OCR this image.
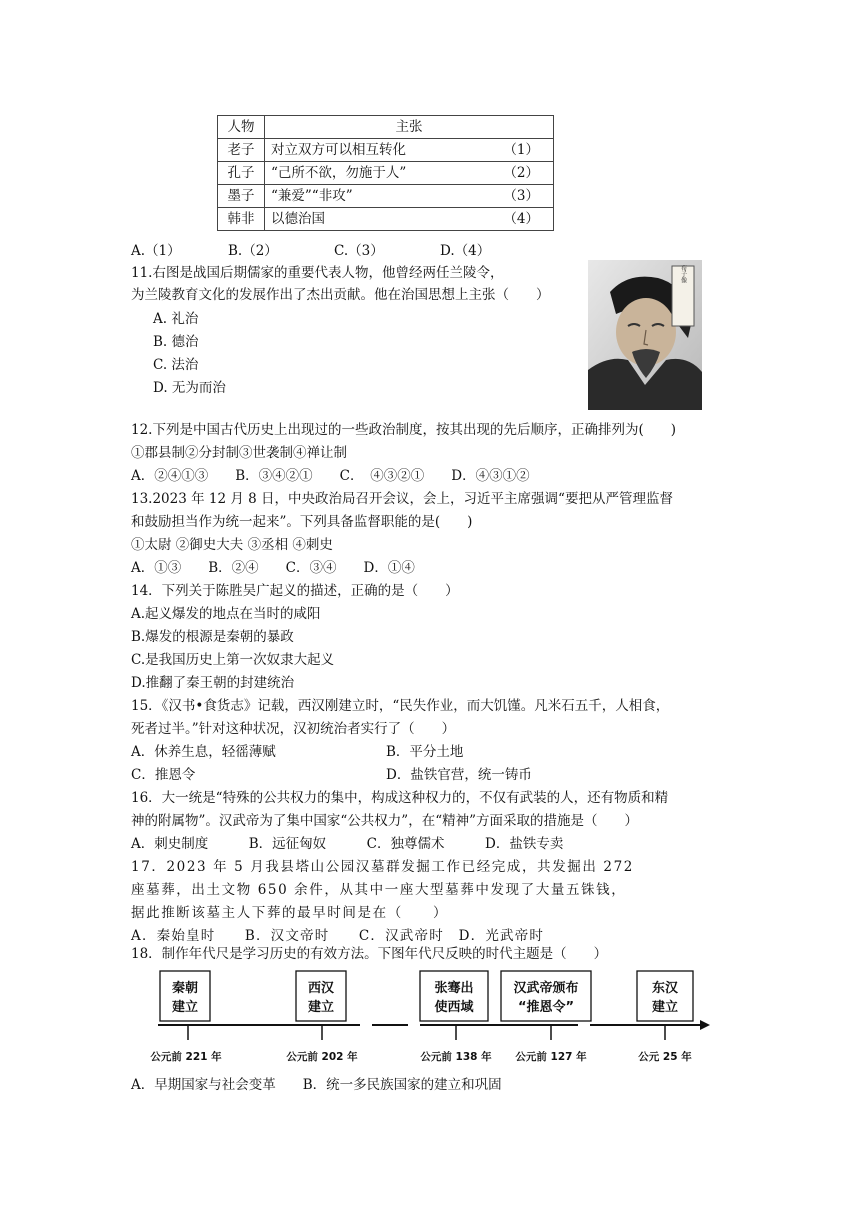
人物	主张
老子	对立双方可以相互转化 （1）

孔子	“己所不欲，勿施于人” （2）

墨子	“兼爱”“非攻” （3）

韩非	以德治国 （4）
A.（1）	B.（2）	C.（3）	D.（4）
11.右图是战国后期儒家的重要代表人物，他曾经两任兰陵令，
为兰陵教育文化的发展作出了杰出贡献。他在治国思想上主张（　　）
A. 礼治
B. 德治
C. 法治
D. 无为而治
荀子像
12.下列是中国古代历史上出现过的一些政治制度，按其出现的先后顺序，正确排列为(　　)
①郡县制②分封制③世袭制④禅让制
A．②④①③　　B．③④②①　　C．　④③②①　　D．④③①②
13.2023 年 12 月 8 日，中央政治局召开会议，会上，习近平主席强调“要把从严管理监督
和鼓励担当作为统一起来”。下列具备监督职能的是(　　)
①太尉 ②御史大夫 ③丞相 ④刺史
A．①③　　B．②④　　C．③④　　D．①④
14．下列关于陈胜吴广起义的描述，正确的是（　　）
A.起义爆发的地点在当时的咸阳
B.爆发的根源是秦朝的暴政
C.是我国历史上第一次奴隶大起义
D.推翻了秦王朝的封建统治
15．《汉书•食货志》记载，西汉刚建立时，“民失作业，而大饥馑。凡米石五千，人相食，
死者过半。”针对这种状况，汉初统治者实行了（　　）
A．休养生息，轻徭薄赋	B．平分土地
C．推恩令	D．盐铁官营，统一铸币
16．大一统是“特殊的公共权力的集中，构成这种权力的，不仅有武装的人，还有物质和精
神的附属物”。汉武帝为了集中国家“公共权力”，在“精神”方面采取的措施是（　　）
A．刺史制度　　　B．远征匈奴　　　C．独尊儒术　　　D．盐铁专卖
17．2023 年 5 月我县塔山公园汉墓群发掘工作已经完成，共发掘出 272
座墓葬，出土文物 650 余件，从其中一座大型墓葬中发现了大量五铢钱，
据此推断该墓主人下葬的最早时间是在（　　）
A．秦始皇时　　B．汉文帝时　　C．汉武帝时　D．光武帝时
18．制作年代尺是学习历史的有效方法。下图年代尺反映的时代主题是（　　）
秦朝
建立
西汉
建立
张骞出
使西域
汉武帝颁布
“推恩令”
东汉
建立
公元前 221 年	公元前 202 年	公元前 138 年 公元前 127 年	公元 25 年
A．早期国家与社会变革　　B．统一多民族国家的建立和巩固
